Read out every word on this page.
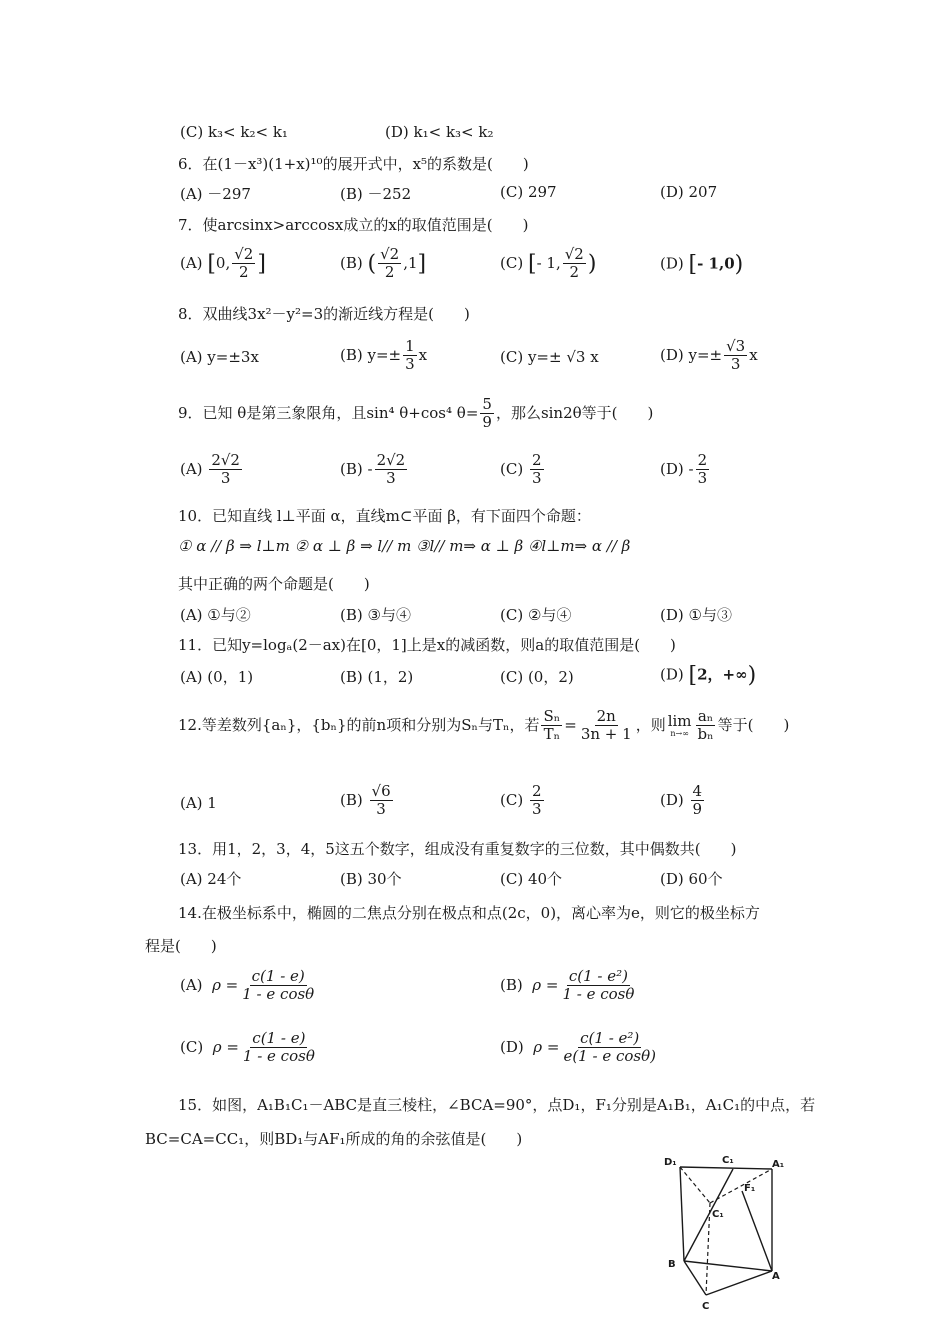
(C) k₃< k₂< k₁	(D) k₁< k₃< k₂
6．在(1－x³)(1+x)¹⁰的展开式中，x⁵的系数是(　　)
(A) －297	(B) －252	(C) 297	(D) 207
7．使arcsinx>arccosx成立的x的取值范围是(　　)
(A) [0, $\frac{√2}{2}$ ]	(B) ( $\frac{√2}{2} ,1$]	(C) [- 1, $\frac{√2}{2}$ )	(D) [- 1,0)
8．双曲线3x²－y²=3的渐近线方程是(　　)
(A) y=±3x	(B) $y=\pm \frac{1}{3}$ x	(C) y=± √3 x	(D) $y=\pm \frac{√3}{3}$ x
9．已知 θ是第三象限角，且sin⁴ θ+cos⁴ $\theta= \frac{5}{9}$ ，那么sin2θ等于(　　)
$(A) \frac{2√2}{3}$	$(B) - \frac{2√2}{3}$	$(C) \frac{2}{3}$	$(D) - \frac{2}{3}$
10．已知直线 l⊥平面 α，直线m⊂平面 β，有下面四个命题：
① α // β ⇒ l⊥m ② α ⊥ β ⇒ l// m ③l// m⇒ α ⊥ β ④l⊥m⇒ α // β
其中正确的两个命题是(　　)
(A) ①与②	(B) ③与④	(C) ②与④	(D) ①与③
11．已知y=logₐ(2－ax)在[0，1]上是x的减函数，则a的取值范围是(　　)
(A) (0，1)	(B) (1，2)	(C) (0，2)	(D) [2，+∞)
12.等差数列{aₙ}，{bₙ}的前n项和分别为Sₙ与Tₙ，若 $\frac{\text{Sₙ}}{\text{Tₙ}} = \frac{2n}{3n + 1}$ ，则 lim
$n\to\infty \frac{\text{aₙ}}{\text{bₙ}}$ 等于(　　)
(A) 1	$(B) \frac{√6}{3}$	$(C) \frac{2}{3}$	$(D) \frac{4}{9}$
13．用1，2，3，4，5这五个数字，组成没有重复数字的三位数，其中偶数共(　　)
(A) 24个	(B) 30个	(C) 40个	(D) 60个
14.在极坐标系中，椭圆的二焦点分别在极点和点(2c，0)，离心率为e，则它的极坐标方
程是(　　)
(A) $\rho = \frac{c(1 - e)}{\text{1 - e cosθ}}$	(B) $\rho = \frac{\text{c(1 - e²)}}{\text{1 - e cosθ}}$
(C) $\rho = \frac{c(1 - e)}{\text{1 - e cosθ}}$	(D) $\rho = \frac{\text{c(1 - e²)}}{\text{e(1 - e cosθ)}}$
15．如图，A₁B₁C₁－ABC是直三棱柱，∠BCA=90°，点D₁，F₁分别是A₁B₁，A₁C₁的中点，若
BC=CA=CC₁，则BD₁与AF₁所成的角的余弦值是(　　)
D₁	C₁	A₁
F₁
C₁
B
A
C
